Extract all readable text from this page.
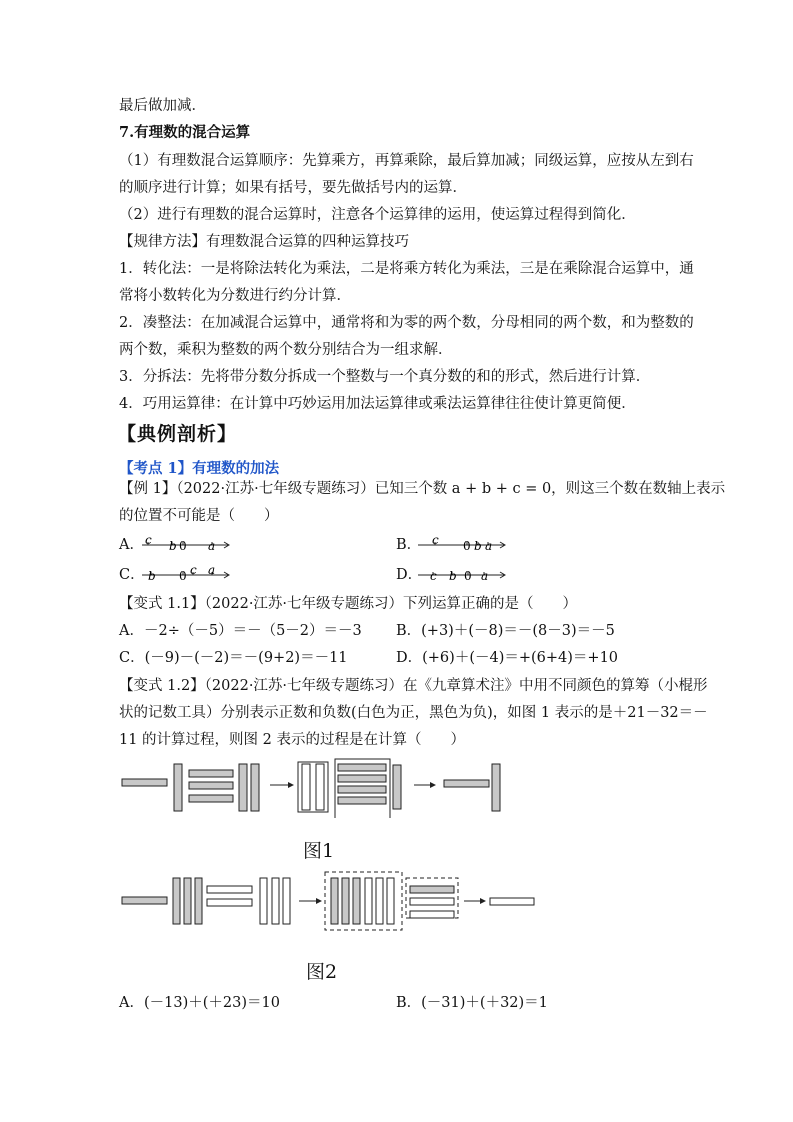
最后做加减．
7.有理数的混合运算
（1）有理数混合运算顺序：先算乘方，再算乘除，最后算加减；同级运算，应按从左到右
的顺序进行计算；如果有括号，要先做括号内的运算．
（2）进行有理数的混合运算时，注意各个运算律的运用，使运算过程得到简化．
【规律方法】有理数混合运算的四种运算技巧
1．转化法：一是将除法转化为乘法，二是将乘方转化为乘法，三是在乘除混合运算中，通
常将小数转化为分数进行约分计算．
2．凑整法：在加减混合运算中，通常将和为零的两个数，分母相同的两个数，和为整数的
两个数，乘积为整数的两个数分别结合为一组求解．
3．分拆法：先将带分数分拆成一个整数与一个真分数的和的形式，然后进行计算．
4．巧用运算律：在计算中巧妙运用加法运算律或乘法运算律往往使计算更简便．
【典例剖析】
【考点 1】有理数的加法
【例 1】（2022·江苏·七年级专题练习）已知三个数 a + b + c = 0，则这三个数在数轴上表示
的位置不可能是（　　）
A． c b 0 a	B． c 0 b a
C． b 0 c a	D． c b 0 a
【变式 1.1】（2022·江苏·七年级专题练习）下列运算正确的是（　　）
A．－2÷（－5）＝－（5－2）＝－3 B．(+3)＋(－8)＝－(8－3)＝－5
C．(－9)－(－2)＝－(9+2)＝－11	D．(+6)＋(－4)＝+(6+4)＝+10
【变式 1.2】（2022·江苏·七年级专题练习）在《九章算术注》中用不同颜色的算筹（小棍形
状的记数工具）分别表示正数和负数(白色为正，黑色为负)，如图 1 表示的是＋21－32＝－
11 的计算过程，则图 2 表示的过程是在计算（　　）
图1
图2
A．(－13)＋(＋23)＝10	B．(－31)＋(＋32)＝1
